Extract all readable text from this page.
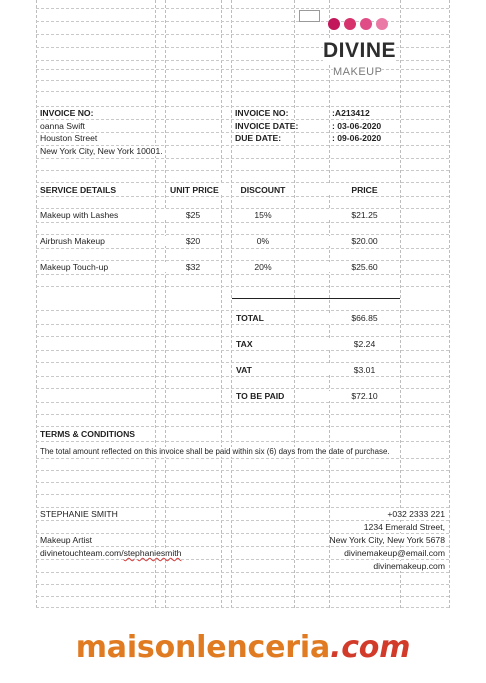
DIVINE
MAKEUP
INVOICE NO:
oanna Swift
Houston Street
New York City, New York 10001.
INVOICE NO:	:A213412
INVOICE DATE:	: 03-06-2020
DUE DATE:	: 09-06-2020
SERVICE DETAILS	UNIT PRICE	DISCOUNT	PRICE
Makeup with Lashes	$25	15%	$21.25
Airbrush Makeup	$20	0%	$20.00
Makeup Touch-up	$32	20%	$25.60
TOTAL	$66.85
TAX	$2.24
VAT	$3.01
TO BE PAID	$72.10
TERMS & CONDITIONS
The total amount reflected on this invoice shall be paid within six (6) days from the date of purchase.
STEPHANIE SMITH
Makeup Artist
divinetouchteam.com/stephaniesmith
+032 2333 221
1234 Emerald Street,
New York City, New York 5678
divinemakeup@email.com
divinemakeup.com
maisonlenceria.com
